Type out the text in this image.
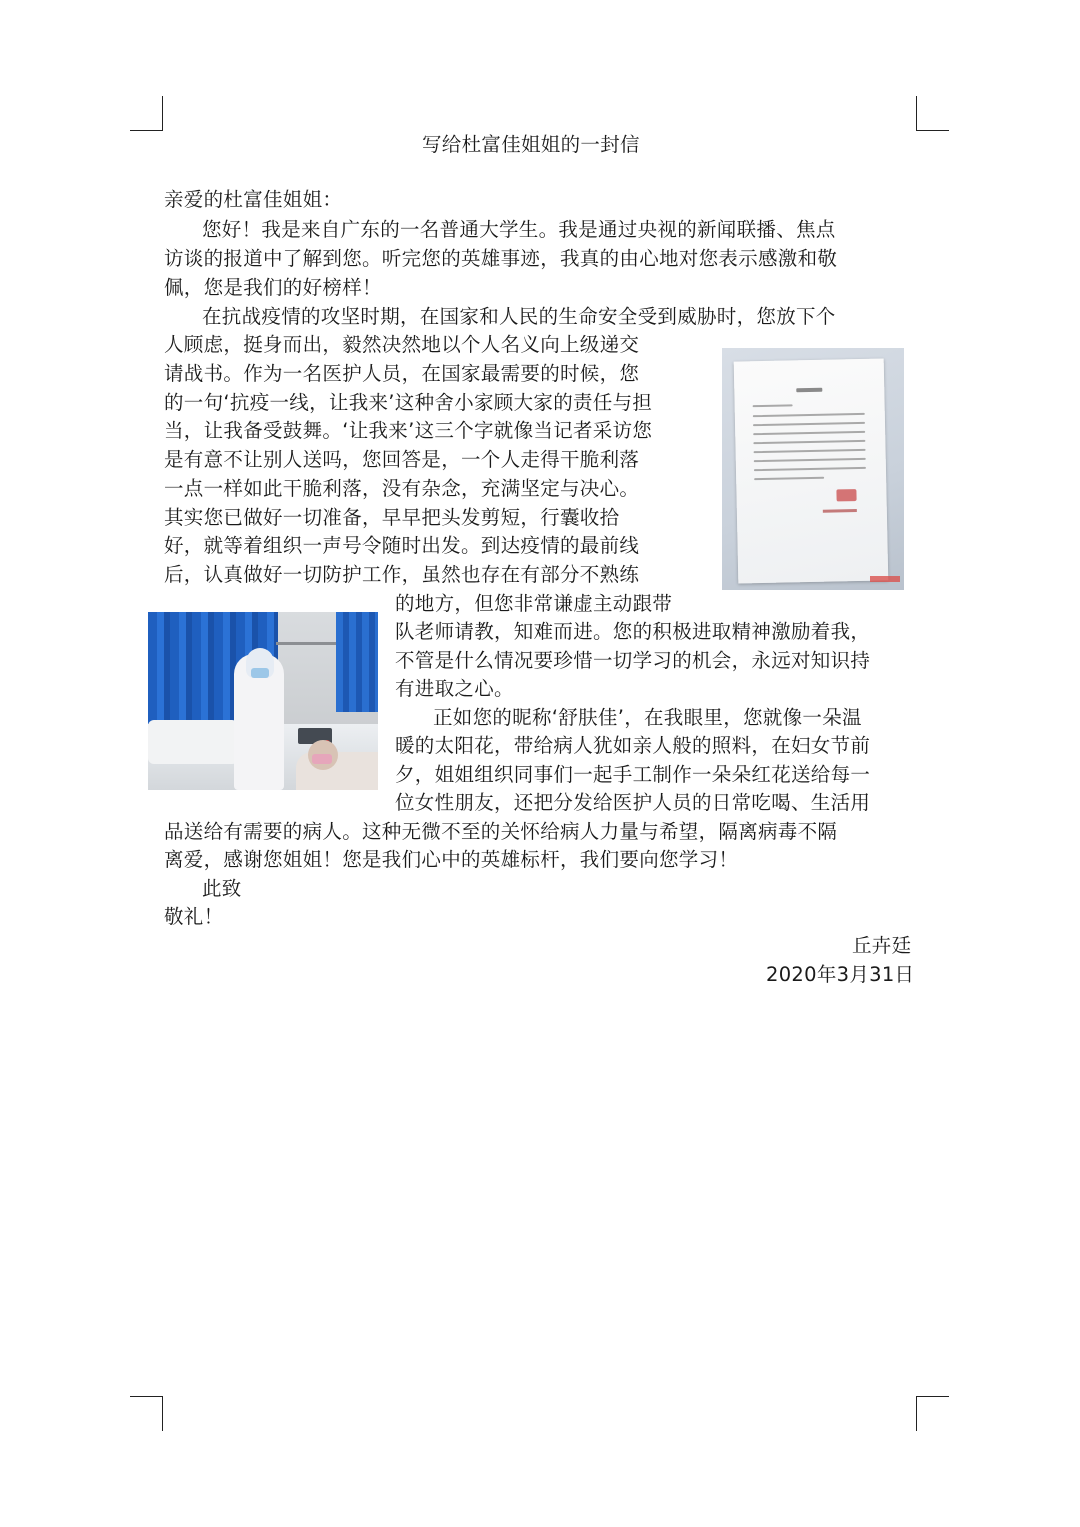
写给杜富佳姐姐的一封信
亲爱的杜富佳姐姐：
您好！我是来自广东的一名普通大学生。我是通过央视的新闻联播、焦点
访谈的报道中了解到您。听完您的英雄事迹，我真的由心地对您表示感激和敬
佩，您是我们的好榜样！
在抗战疫情的攻坚时期，在国家和人民的生命安全受到威胁时，您放下个
人顾虑，挺身而出，毅然决然地以个人名义向上级递交
请战书。作为一名医护人员，在国家最需要的时候，您
的一句‘抗疫一线，让我来’这种舍小家顾大家的责任与担
当，让我备受鼓舞。‘让我来’这三个字就像当记者采访您
是有意不让别人送吗，您回答是，一个人走得干脆利落
一点一样如此干脆利落，没有杂念，充满坚定与决心。
其实您已做好一切准备，早早把头发剪短，行囊收拾
好，就等着组织一声号令随时出发。到达疫情的最前线
后，认真做好一切防护工作，虽然也存在有部分不熟练
的地方，但您非常谦虚主动跟带
队老师请教，知难而进。您的积极进取精神激励着我，
不管是什么情况要珍惜一切学习的机会，永远对知识持
有进取之心。
正如您的昵称‘舒肤佳’，在我眼里，您就像一朵温
暖的太阳花，带给病人犹如亲人般的照料，在妇女节前
夕，姐姐组织同事们一起手工制作一朵朵红花送给每一
位女性朋友，还把分发给医护人员的日常吃喝、生活用
品送给有需要的病人。这种无微不至的关怀给病人力量与希望，隔离病毒不隔
离爱，感谢您姐姐！您是我们心中的英雄标杆，我们要向您学习！
此致
敬礼！
丘卉廷
2020年3月31日
